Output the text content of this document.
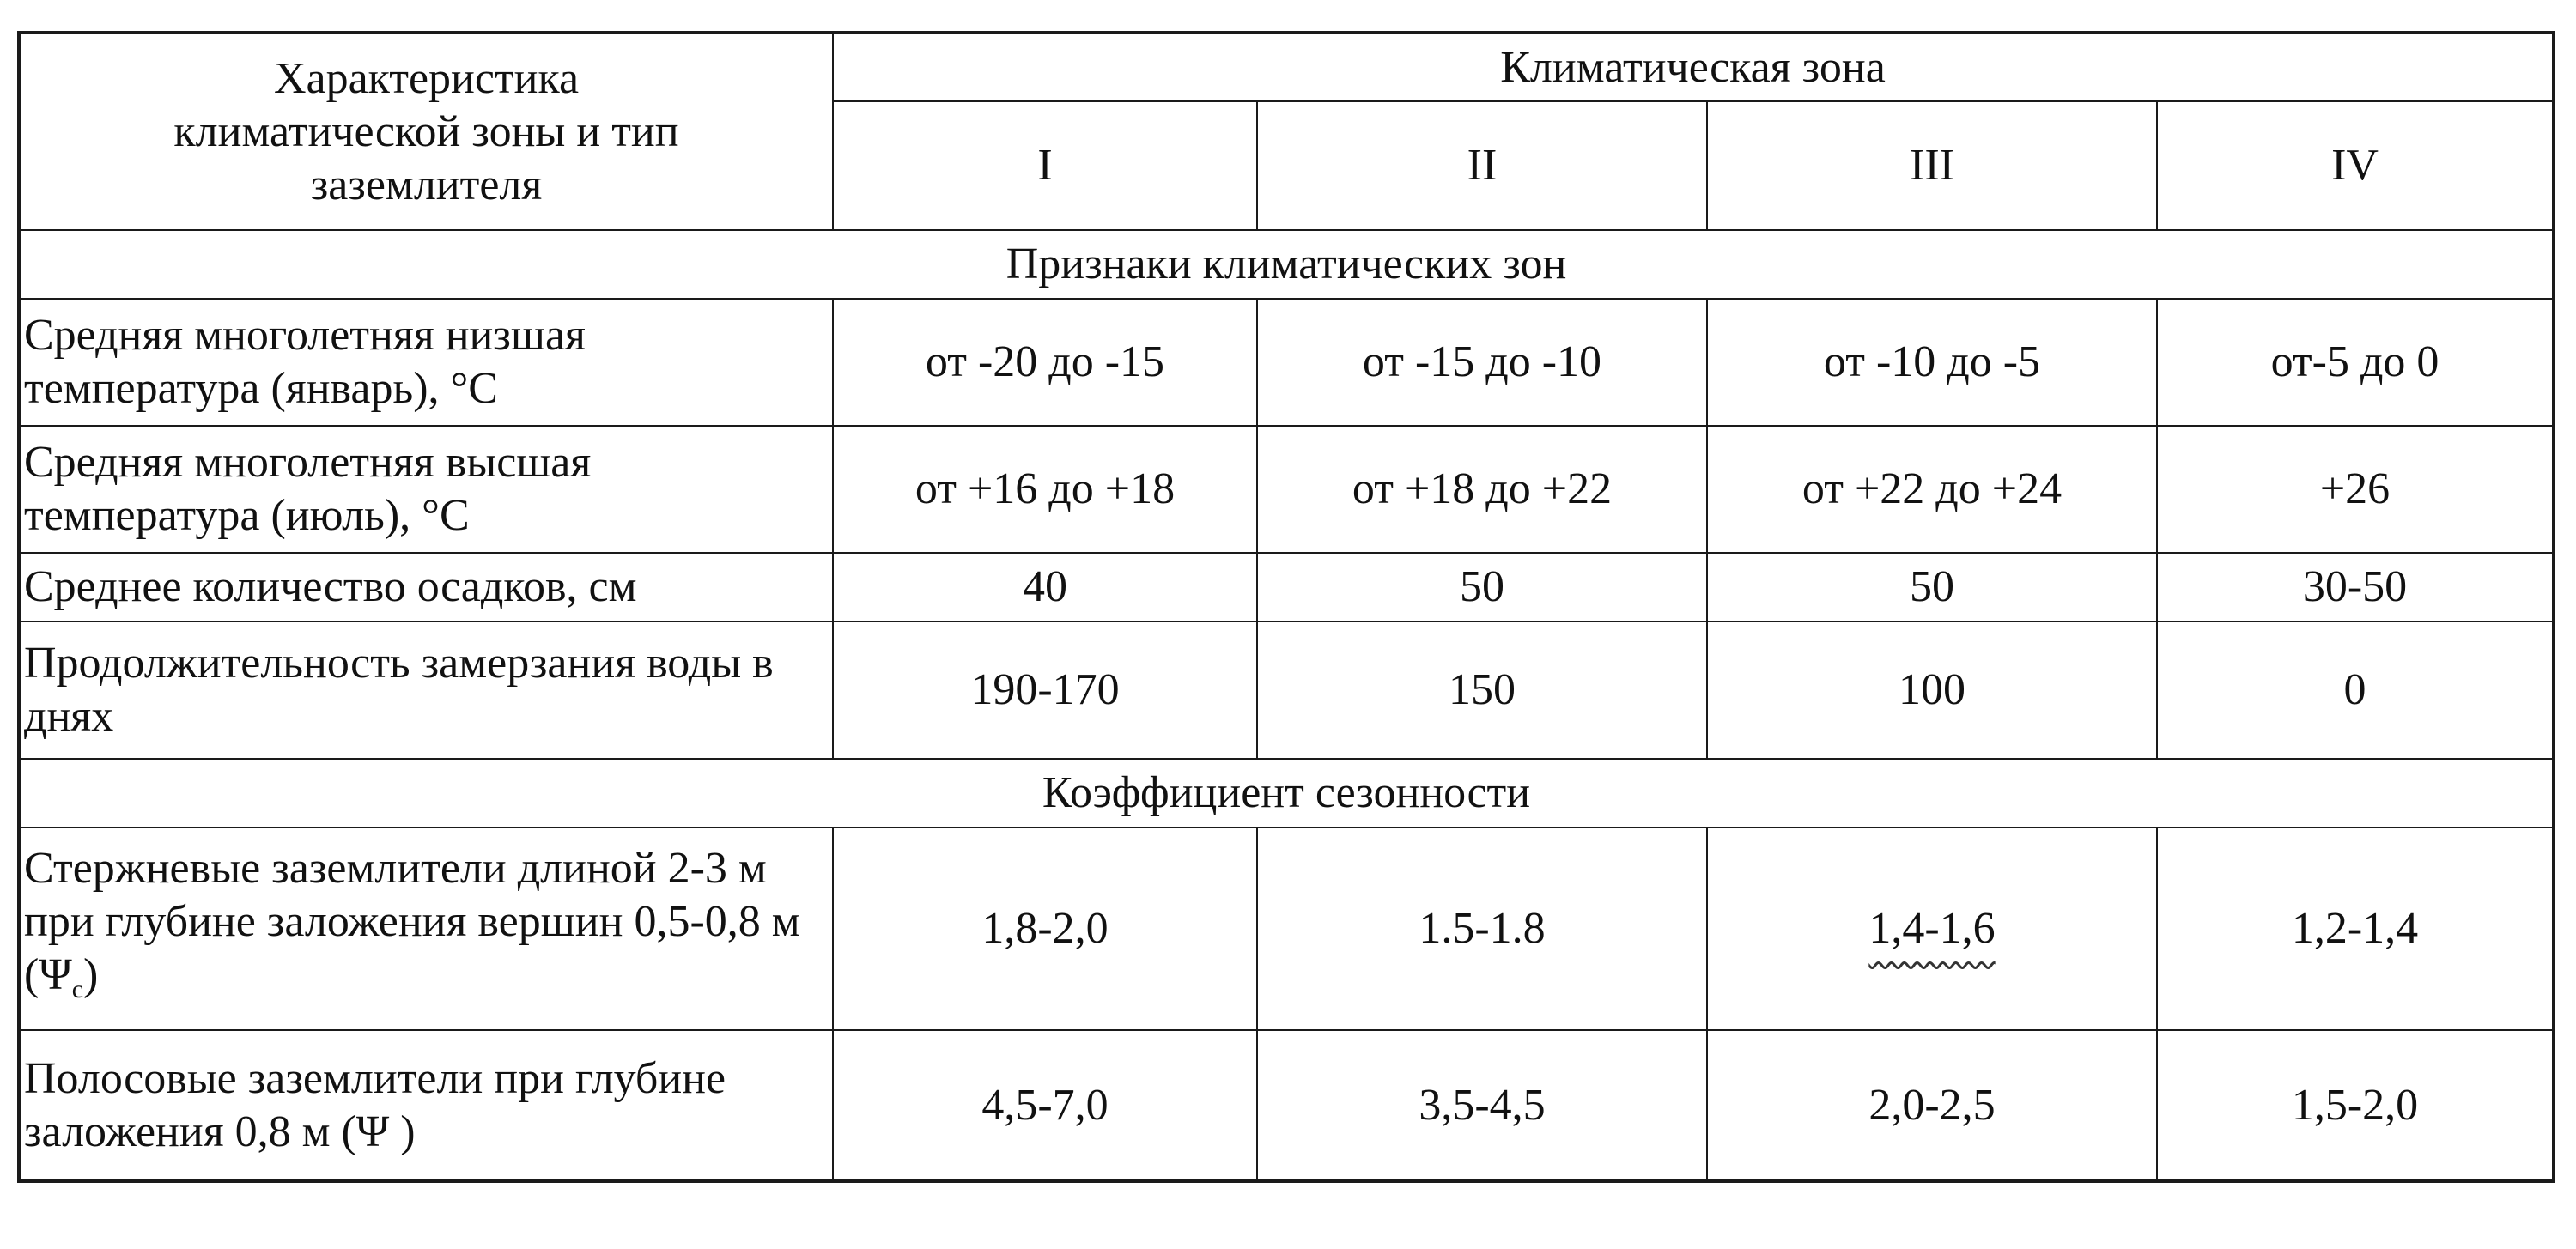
Характеристика климатической зоны и тип заземлителя	Климатическая зона			
	I	II	III	IV
Признаки климатических зон				
Средняя многолетняя низшая температура (январь), °С	от -20 до -15	от -15 до -10	от -10 до -5	от-5 до 0
Средняя многолетняя высшая температура (июль), °С	от +16 до +18	от +18 до +22	от +22 до +24	+26
Среднее количество осадков, см	40	50	50	30-50
Продолжительность замерзания воды в днях	190-170	150	100	0
Коэффициент сезонности				
Стержневые заземлители длиной 2-3 м при глубине заложения вершин 0,5-0,8 м $(\Psi_с)$	1,8-2,0	1.5-1.8	1,4-1,6	1,2-1,4
Полосовые заземлители при глубине заложения 0,8 м (Ψ )	4,5-7,0	3,5-4,5	2,0-2,5	1,5-2,0
